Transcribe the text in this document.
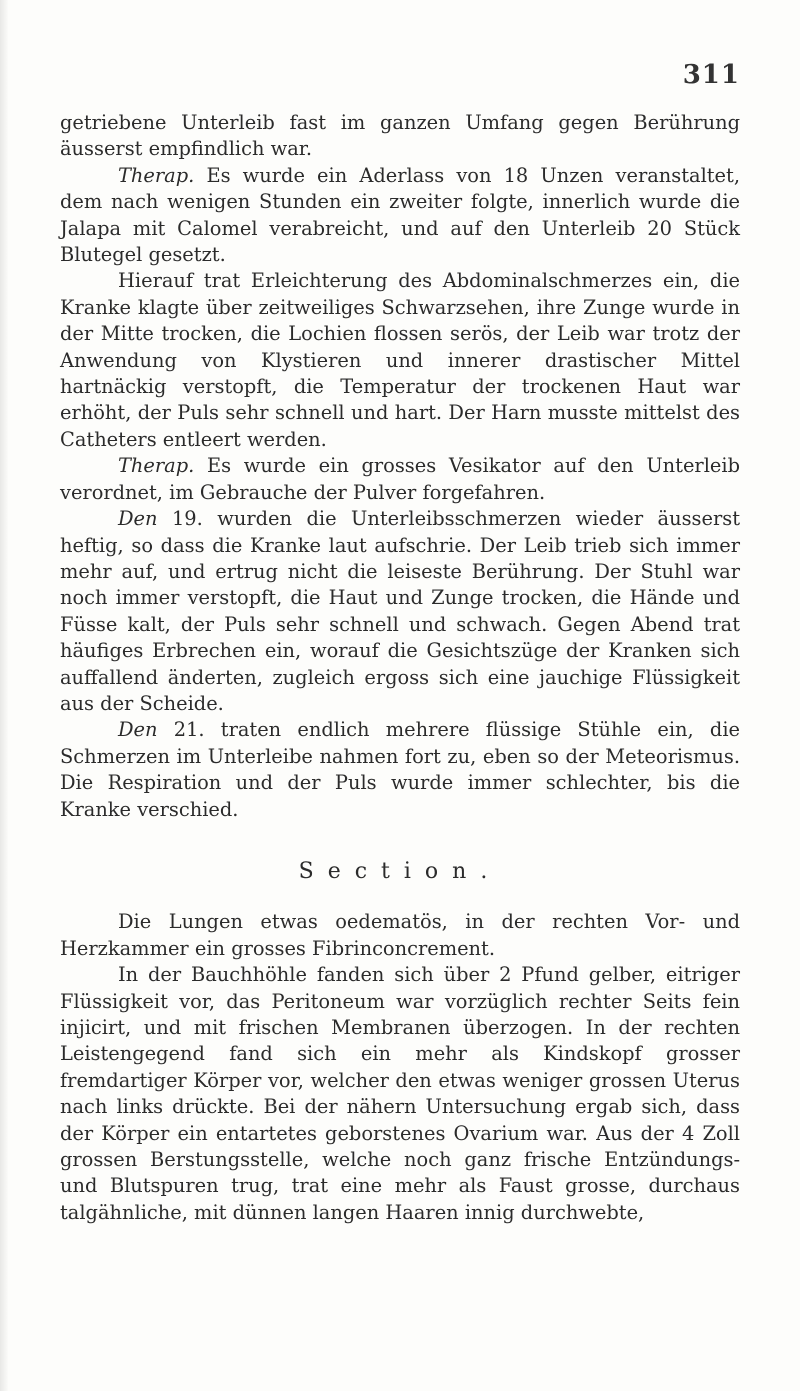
311

getriebene Unterleib fast im ganzen Umfang gegen Berührung äusserst empfindlich war.

Therap. Es wurde ein Aderlass von 18 Unzen veranstaltet, dem nach wenigen Stunden ein zweiter folgte, innerlich wurde die Jalapa mit Calomel verabreicht, und auf den Unterleib 20 Stück Blutegel gesetzt.

Hierauf trat Erleichterung des Abdominalschmerzes ein, die Kranke klagte über zeitweiliges Schwarzsehen, ihre Zunge wurde in der Mitte trocken, die Lochien flossen serös, der Leib war trotz der Anwendung von Klystieren und innerer drastischer Mittel hartnäckig verstopft, die Temperatur der trockenen Haut war erhöht, der Puls sehr schnell und hart. Der Harn musste mittelst des Catheters entleert werden.

Therap. Es wurde ein grosses Vesikator auf den Unterleib verordnet, im Gebrauche der Pulver forgefahren.

Den 19. wurden die Unterleibsschmerzen wieder äusserst heftig, so dass die Kranke laut aufschrie. Der Leib trieb sich immer mehr auf, und ertrug nicht die leiseste Berührung. Der Stuhl war noch immer verstopft, die Haut und Zunge trocken, die Hände und Füsse kalt, der Puls sehr schnell und schwach. Gegen Abend trat häufiges Erbrechen ein, worauf die Gesichtszüge der Kranken sich auffallend änderten, zugleich ergoss sich eine jauchige Flüssigkeit aus der Scheide.

Den 21. traten endlich mehrere flüssige Stühle ein, die Schmerzen im Unterleibe nahmen fort zu, eben so der Meteorismus. Die Respiration und der Puls wurde immer schlechter, bis die Kranke verschied.

Section.

Die Lungen etwas oedematös, in der rechten Vor- und Herzkammer ein grosses Fibrinconcrement.

In der Bauchhöhle fanden sich über 2 Pfund gelber, eitriger Flüssigkeit vor, das Peritoneum war vorzüglich rechter Seits fein injicirt, und mit frischen Membranen überzogen. In der rechten Leistengegend fand sich ein mehr als Kindskopf grosser fremdartiger Körper vor, welcher den etwas weniger grossen Uterus nach links drückte. Bei der nähern Untersuchung ergab sich, dass der Körper ein entartetes geborstenes Ovarium war. Aus der 4 Zoll grossen Berstungsstelle, welche noch ganz frische Entzündungs- und Blutspuren trug, trat eine mehr als Faust grosse, durchaus talgähnliche, mit dünnen langen Haaren innig durchwebte,
